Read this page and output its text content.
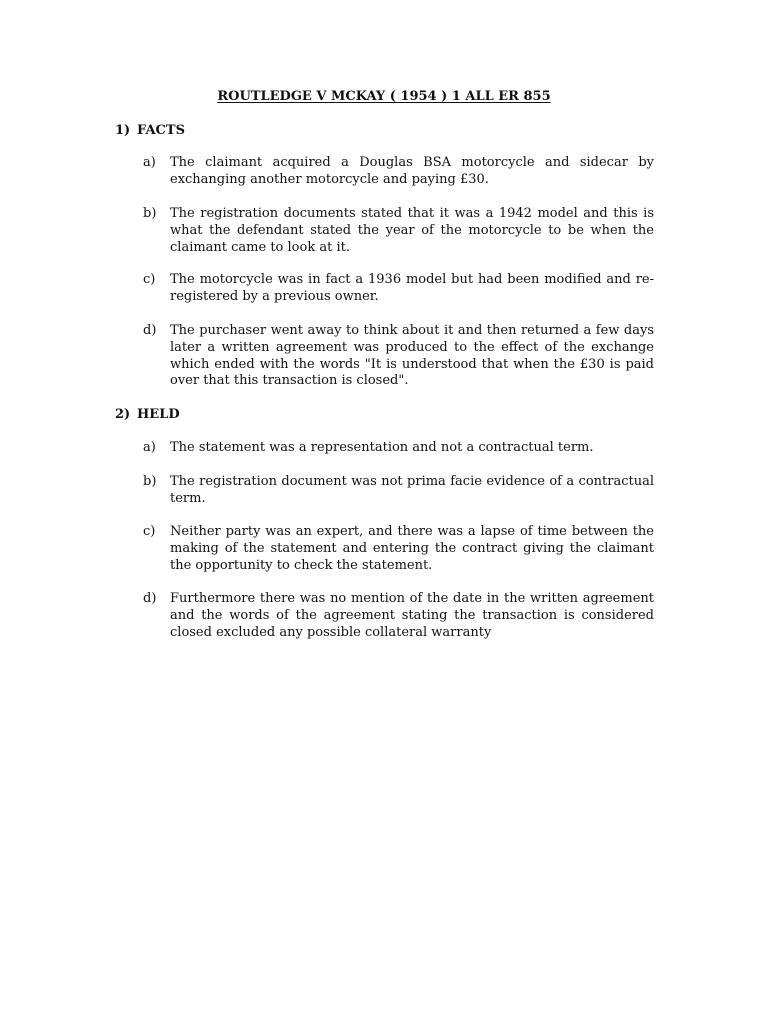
ROUTLEDGE V MCKAY ( 1954 ) 1 ALL ER 855
1) FACTS
a)	The claimant acquired a Douglas BSA motorcycle and sidecar by exchanging another motorcycle and paying £30.
b)	The registration documents stated that it was a 1942 model and this is what the defendant stated the year of the motorcycle to be when the claimant came to look at it.
c)	The motorcycle was in fact a 1936 model but had been modified and re-registered by a previous owner.
d)	The purchaser went away to think about it and then returned a few days later a written agreement was produced to the effect of the exchange which ended with the words "It is understood that when the £30 is paid over that this transaction is closed".
2) HELD
a)	The statement was a representation and not a contractual term.
b)	The registration document was not prima facie evidence of a contractual term.
c)	Neither party was an expert, and there was a lapse of time between the making of the statement and entering the contract giving the claimant the opportunity to check the statement.
d)	Furthermore there was no mention of the date in the written agreement and the words of the agreement stating the transaction is considered closed excluded any possible collateral warranty
